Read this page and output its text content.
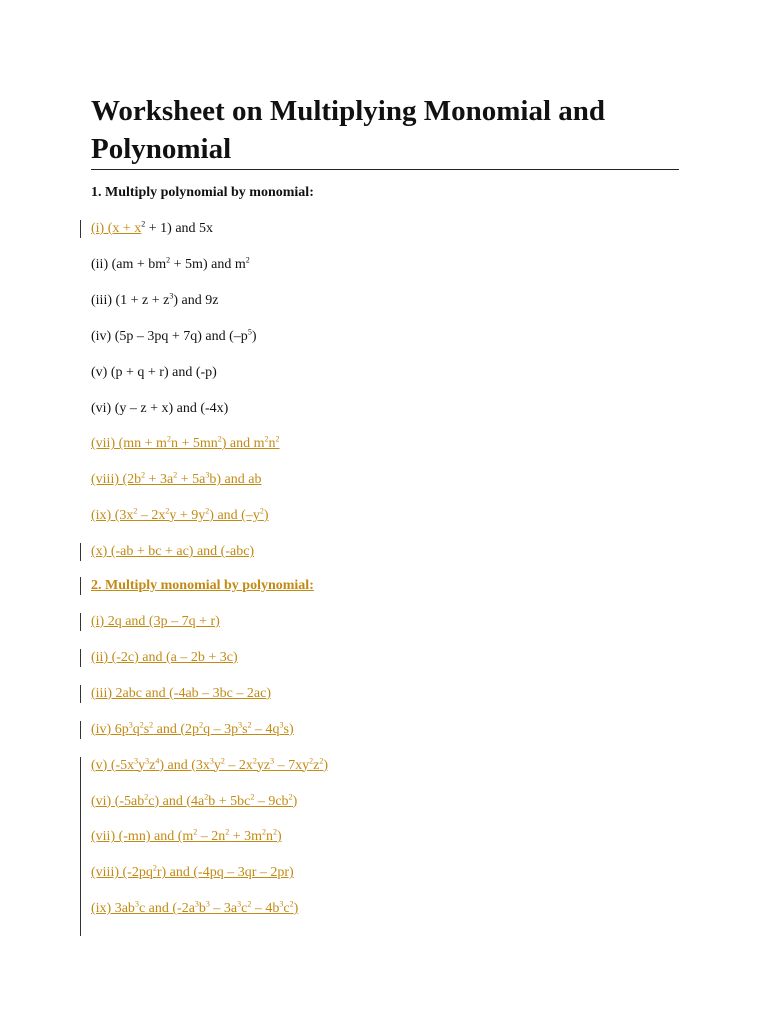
Worksheet on Multiplying Monomial and Polynomial
1. Multiply polynomial by monomial:
(i) $(x + x^2 + 1)$ and 5x
(ii) $(am + bm^2 + 5m)$ and $m^2$
(iii) $(1 + z + z^3)$ and 9z
(iv) (5p – 3pq + 7q) and $(-p^5)$
(v) (p + q + r) and (-p)
(vi) (y – z + x) and (-4x)
(vii) $(mn + m^2n + 5mn^2)$ and $m^2n^2$
(viii) $(2b^2 + 3a^2 + 5a^3b)$ and ab
(ix) $(3x^2 - 2x^2y + 9y^2)$ and $(-y^2)$
(x) (-ab + bc + ac) and (-abc)
2. Multiply monomial by polynomial:
(i) 2q and (3p – 7q + r)
(ii) (-2c) and (a – 2b + 3c)
(iii) 2abc and (-4ab – 3bc – 2ac)
(iv) $6p^3q^2s^2$ and $(2p^2q - 3p^3s^2 - 4q^3s)$
(v) $(-5x^3y^3z^4)$ and $(3x^3y^2 - 2x^2yz^3 - 7xy^2z^2)$
(vi) $(-5ab^2c)$ and $(4a^2b + 5bc^2 - 9cb^2)$
(vii) (-mn) and $(m^2 - 2n^2 + 3m^2n^2)$
(viii) $(-2pq^2r)$ and (-4pq – 3qr – 2pr)
(ix) $3ab^3c$ and $(-2a^3b^3 - 3a^3c^2 - 4b^3c^2)$
